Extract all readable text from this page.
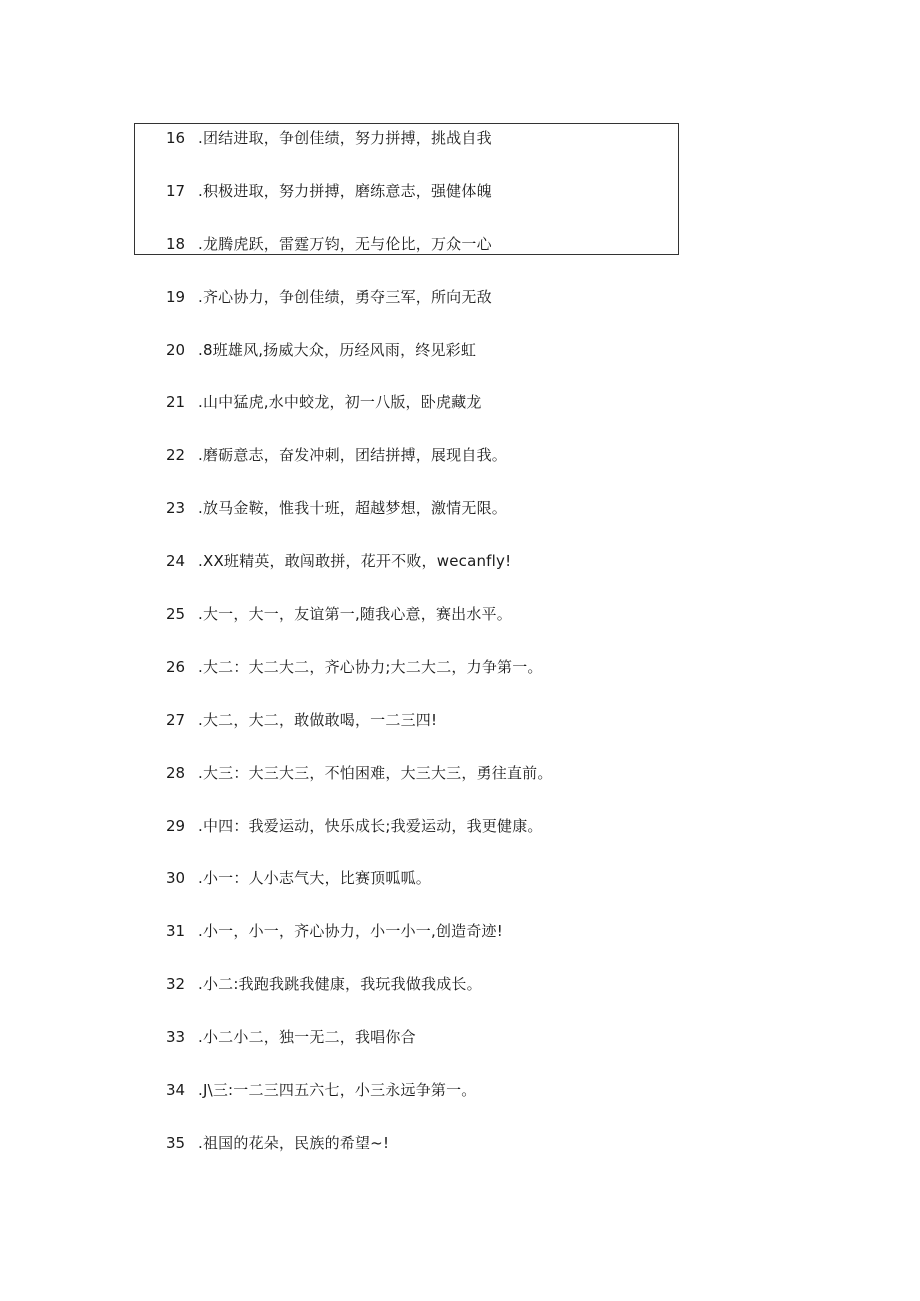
16 .团结进取，争创佳绩，努力拼搏，挑战自我
17 .积极进取，努力拼搏，磨练意志，强健体魄
18 .龙腾虎跃，雷霆万钧，无与伦比，万众一心
19 .齐心协力，争创佳绩，勇夺三军，所向无敌
20 .8班雄风,扬威大众，历经风雨，终见彩虹
21 .山中猛虎,水中蛟龙，初一八版，卧虎藏龙
22 .磨砺意志，奋发冲刺，团结拼搏，展现自我。
23 .放马金鞍，惟我十班，超越梦想，激情无限。
24 .XX班精英，敢闯敢拼，花开不败，wecanfly!
25 .大一，大一，友谊第一,随我心意，赛出水平。
26 .大二：大二大二，齐心协力;大二大二，力争第一。
27 .大二，大二，敢做敢喝，一二三四!
28 .大三：大三大三，不怕困难，大三大三，勇往直前。
29 .中四：我爱运动，快乐成长;我爱运动，我更健康。
30 .小一：人小志气大，比赛顶呱呱。
31 .小一，小一，齐心协力，小一小一,创造奇迹!
32 .小二:我跑我跳我健康，我玩我做我成长。
33 .小二小二，独一无二，我唱你合
34 .J\三:一二三四五六七，小三永远争第一。
35 .祖国的花朵，民族的希望~!
